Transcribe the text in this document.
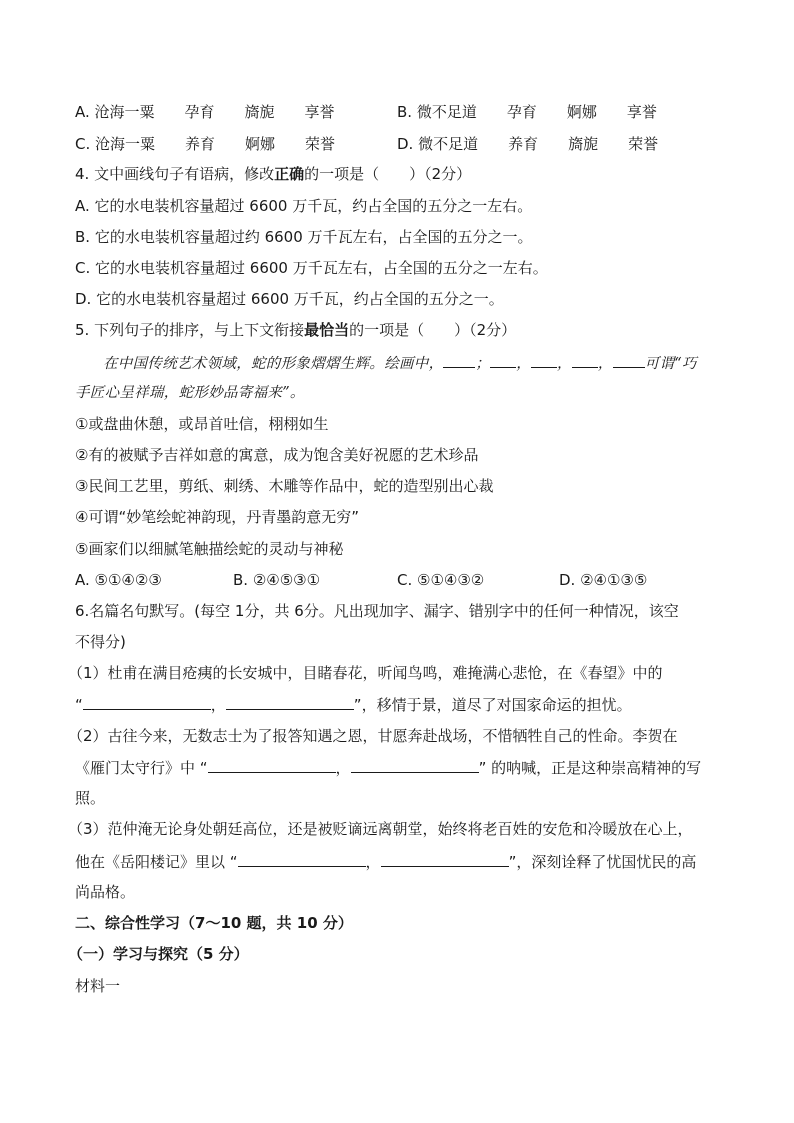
A. 沧海一粟　　孕育　　旖旎　　享誉	B. 微不足道　　孕育　　婀娜　　享誉
C. 沧海一粟　　养育　　婀娜　　荣誉	D. 微不足道　　养育　　旖旎　　荣誉
4. 文中画线句子有语病，修改正确的一项是（　　）（2分）
A. 它的水电装机容量超过 6600 万千瓦，约占全国的五分之一左右。
B. 它的水电装机容量超过约 6600 万千瓦左右，占全国的五分之一。
C. 它的水电装机容量超过 6600 万千瓦左右，占全国的五分之一左右。
D. 它的水电装机容量超过 6600 万千瓦，约占全国的五分之一。
5. 下列句子的排序，与上下文衔接最恰当的一项是（　　）（2分）
在中国传统艺术领域，蛇的形象熠熠生辉。绘画中， ； ， ， ， 可谓“巧
手匠心呈祥瑞，蛇形妙品寄福来”。
①或盘曲休憩，或昂首吐信，栩栩如生
②有的被赋予吉祥如意的寓意，成为饱含美好祝愿的艺术珍品
③民间工艺里，剪纸、刺绣、木雕等作品中，蛇的造型别出心裁
④可谓“妙笔绘蛇神韵现，丹青墨韵意无穷”
⑤画家们以细腻笔触描绘蛇的灵动与神秘
A. ⑤①④②③	B. ②④⑤③①	C. ⑤①④③②	D. ②④①③⑤
6.名篇名句默写。(每空 1分，共 6分。凡出现加字、漏字、错别字中的任何一种情况，该空
不得分)
（1）杜甫在满目疮痍的长安城中，目睹春花，听闻鸟鸣，难掩满心悲怆，在《春望》中的
“	，	”，移情于景，道尽了对国家命运的担忧。
（2）古往今来，无数志士为了报答知遇之恩，甘愿奔赴战场，不惜牺牲自己的性命。李贺在
《雁门太守行》中 “	，	” 的呐喊，正是这种崇高精神的写
照。
（3）范仲淹无论身处朝廷高位，还是被贬谪远离朝堂，始终将老百姓的安危和冷暖放在心上，
他在《岳阳楼记》里以 “	，	”，深刻诠释了忧国忧民的高
尚品格。
二、综合性学习（7～10 题，共 10 分）
（一）学习与探究（5 分）
材料一
